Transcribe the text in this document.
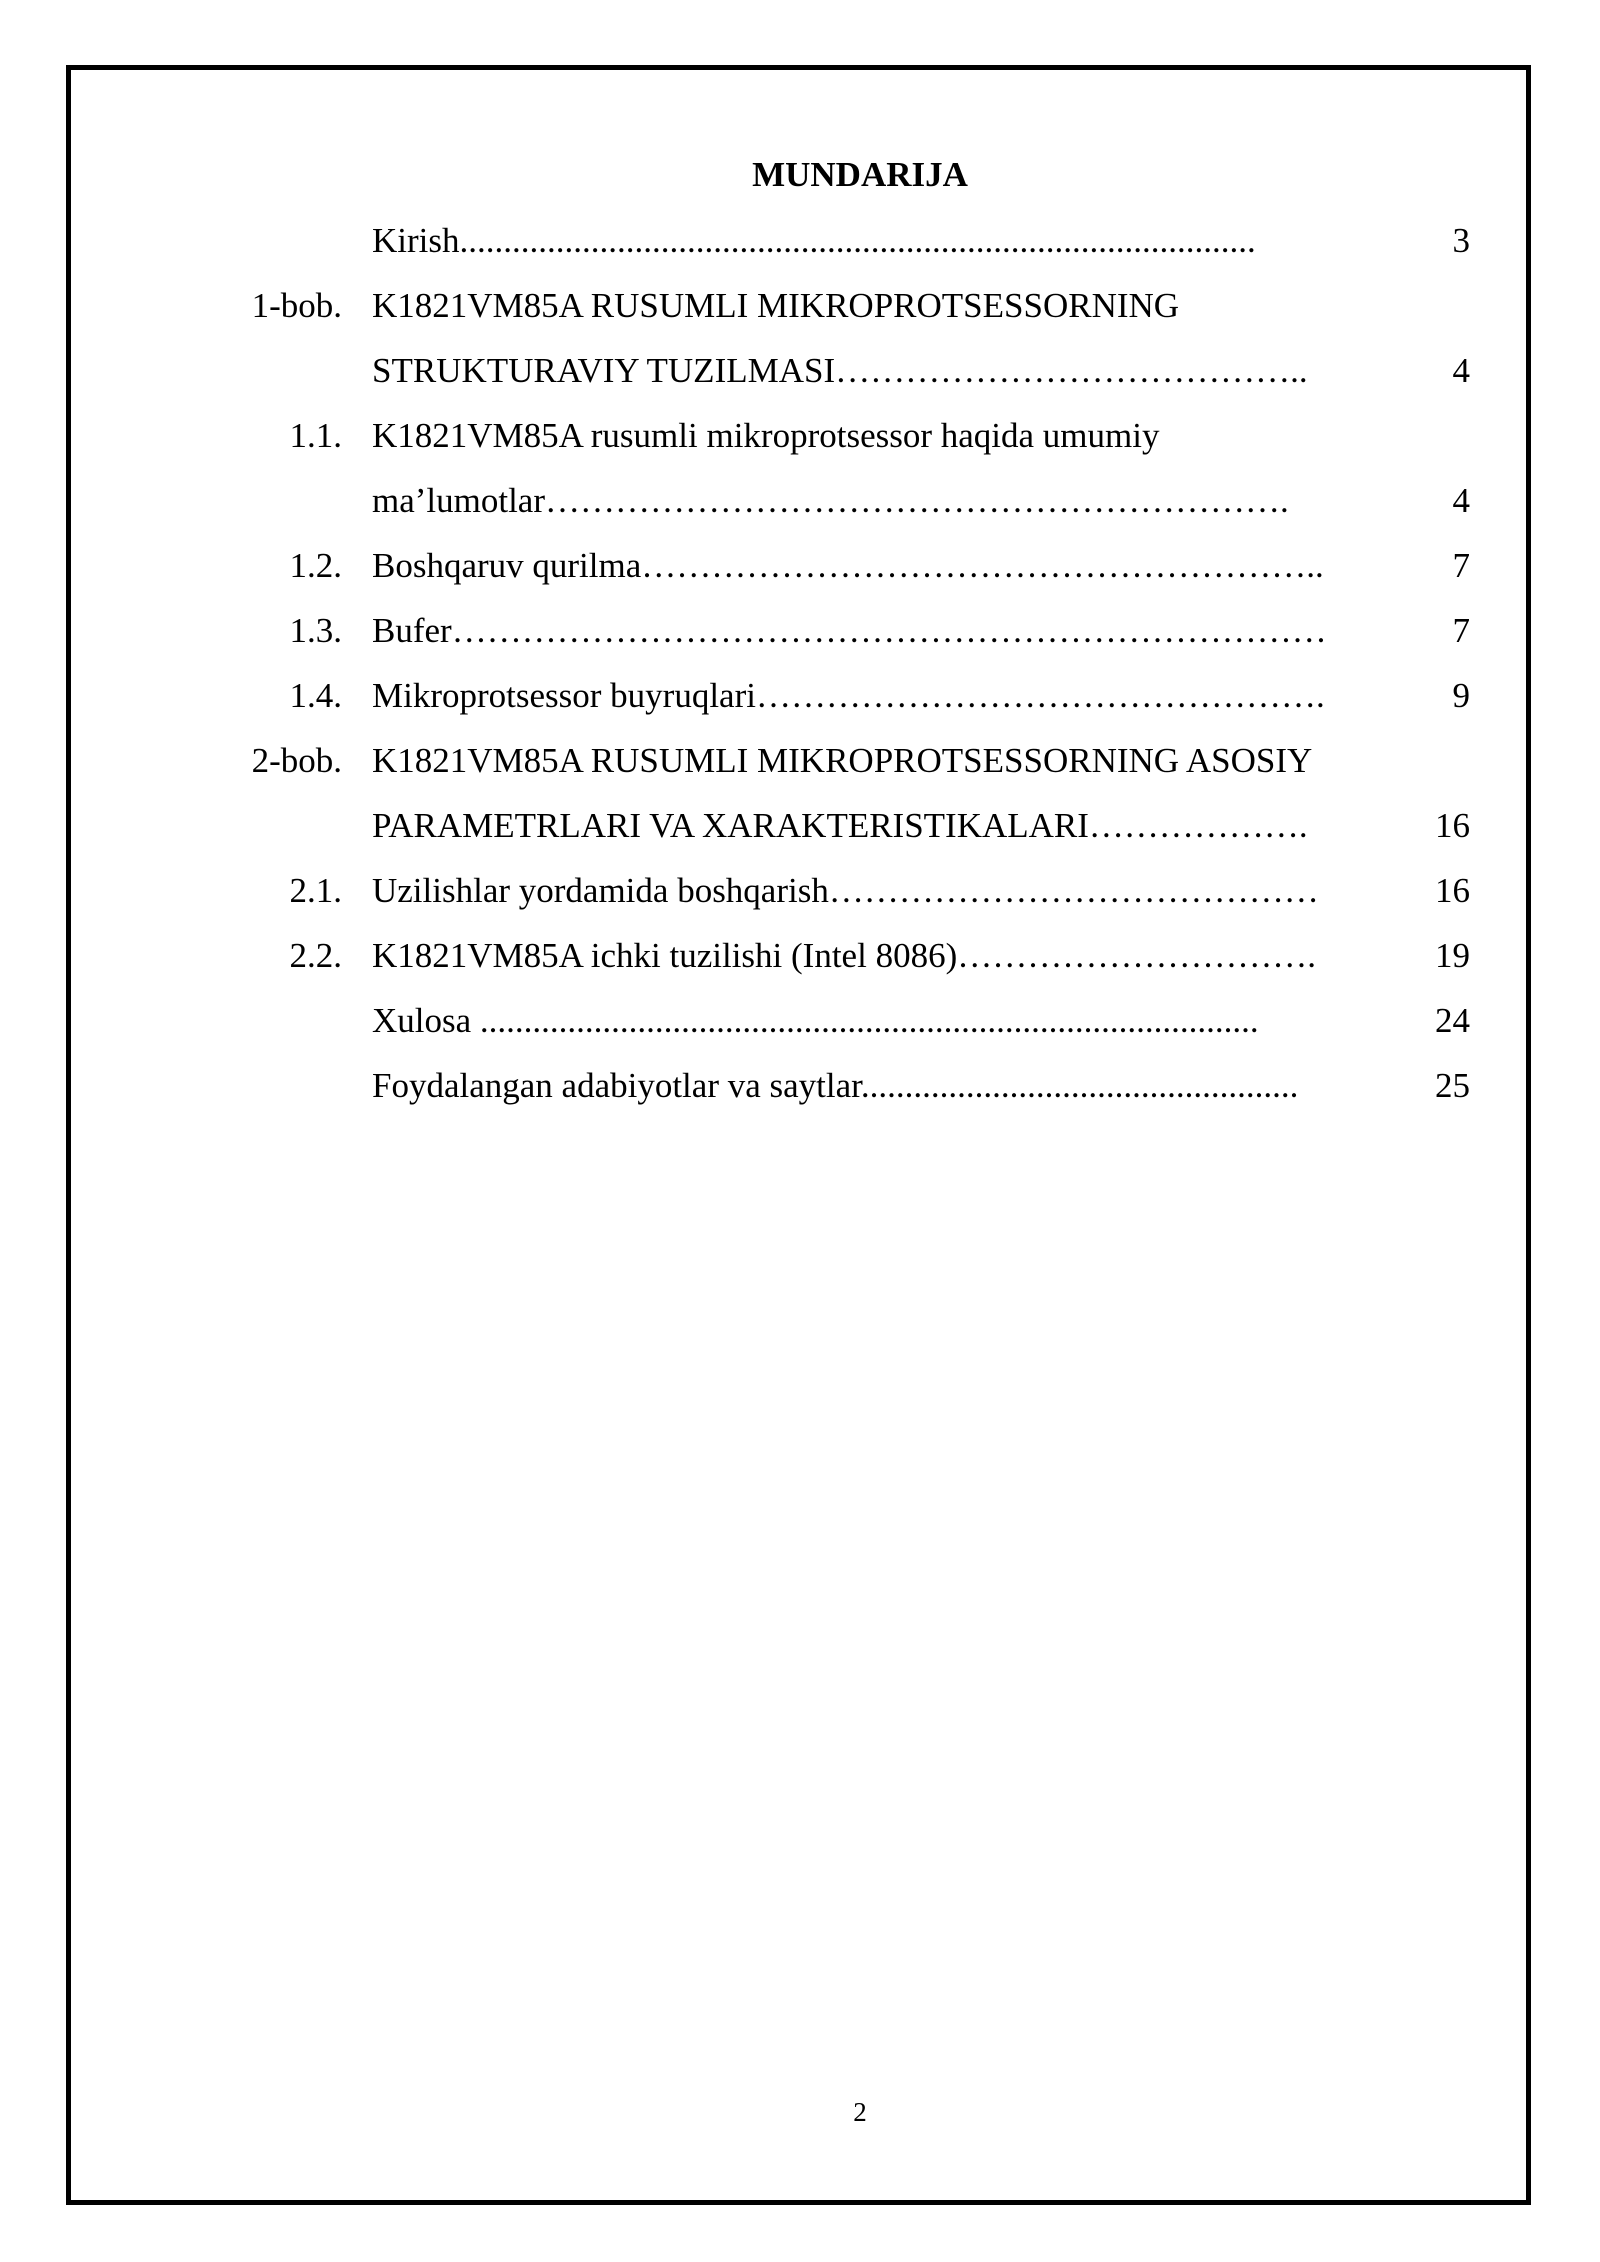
MUNDARIJA
Kirish...........................................................................................	3
1-bob. K1821VM85A RUSUMLI MIKROPROTSESSORNING
STRUKTURAVIY TUZILMASI…………………………………..	4
1.1. K1821VM85A rusumli mikroprotsessor haqida umumiy
ma’lumotlar……………………………………………………….	4
1.2. Boshqaruv qurilma…………………………………………………..	7
1.3. Bufer…………………………………………………………………	7
1.4. Mikroprotsessor buyruqlari………………………………………….	9
2-bob. K1821VM85A RUSUMLI MIKROPROTSESSORNING ASOSIY
PARAMETRLARI VA XARAKTERISTIKALARI……………….	16
2.1. Uzilishlar yordamida boshqarish……………………………………	16
2.2. K1821VM85A ichki tuzilishi (Intel 8086)………………………….	19
Xulosa .........................................................................................	24
Foydalangan adabiyotlar va saytlar..................................................	25
2
